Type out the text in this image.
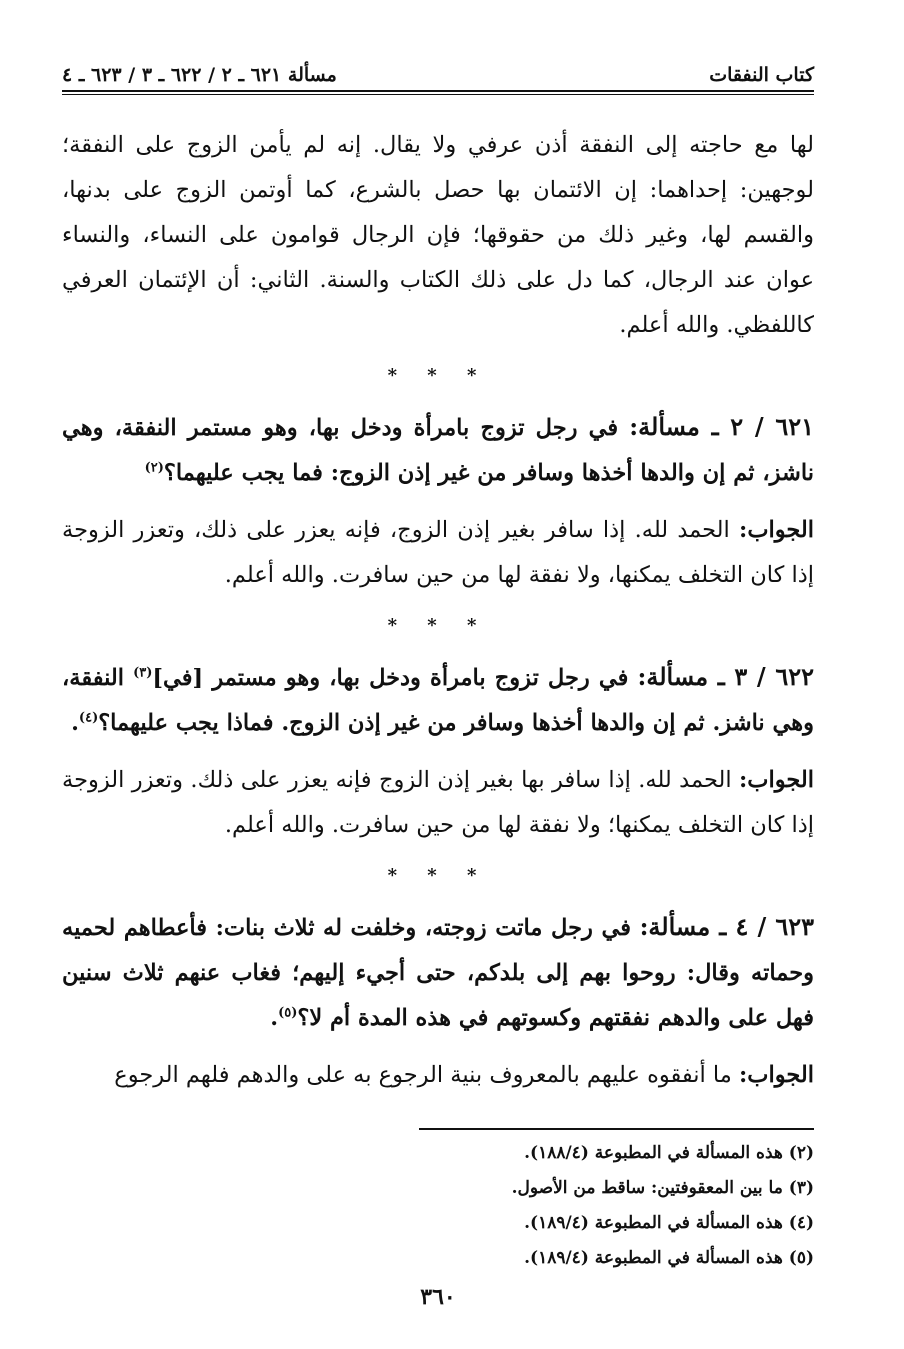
كتاب النفقات
مسألة ٦٢١ ـ ٢ / ٦٢٢ ـ ٣ / ٦٢٣ ـ ٤

لها مع حاجته إلى النفقة أذن عرفي ولا يقال. إنه لم يأمن الزوج على النفقة؛ لوجهين: إحداهما: إن الائتمان بها حصل بالشرع، كما أوتمن الزوج على بدنها، والقسم لها، وغير ذلك من حقوقها؛ فإن الرجال قوامون على النساء، والنساء عوان عند الرجال، كما دل على ذلك الكتاب والسنة. الثاني: أن الإئتمان العرفي كاللفظي. والله أعلم.

* * *

٦٢١ / ٢ ـ مسألة: في رجل تزوج بامرأة ودخل بها، وهو مستمر النفقة، وهي ناشز، ثم إن والدها أخذها وسافر من غير إذن الزوج: فما يجب عليهما؟$^{(٢)}$

الجواب: الحمد لله. إذا سافر بغير إذن الزوج، فإنه يعزر على ذلك، وتعزر الزوجة إذا كان التخلف يمكنها، ولا نفقة لها من حين سافرت. والله أعلم.

* * *

٦٢٢ / ٣ ـ مسألة: في رجل تزوج بامرأة ودخل بها، وهو مستمر [في]$^{(٣)}$ النفقة، وهي ناشز. ثم إن والدها أخذها وسافر من غير إذن الزوج. فماذا يجب عليهما؟$^{(٤)}$.

الجواب: الحمد لله. إذا سافر بها بغير إذن الزوج فإنه يعزر على ذلك. وتعزر الزوجة إذا كان التخلف يمكنها؛ ولا نفقة لها من حين سافرت. والله أعلم.

* * *

٦٢٣ / ٤ ـ مسألة: في رجل ماتت زوجته، وخلفت له ثلاث بنات: فأعطاهم لحميه وحماته وقال: روحوا بهم إلى بلدكم، حتى أجيء إليهم؛ فغاب عنهم ثلاث سنين فهل على والدهم نفقتهم وكسوتهم في هذه المدة أم لا؟$^{(٥)}$.

الجواب: ما أنفقوه عليهم بالمعروف بنية الرجوع به على والدهم فلهم الرجوع

(٢) هذه المسألة في المطبوعة (١٨٨/٤).
(٣) ما بين المعقوفتين: ساقط من الأصول.
(٤) هذه المسألة في المطبوعة (١٨٩/٤).
(٥) هذه المسألة في المطبوعة (١٨٩/٤).
٣٦٠
